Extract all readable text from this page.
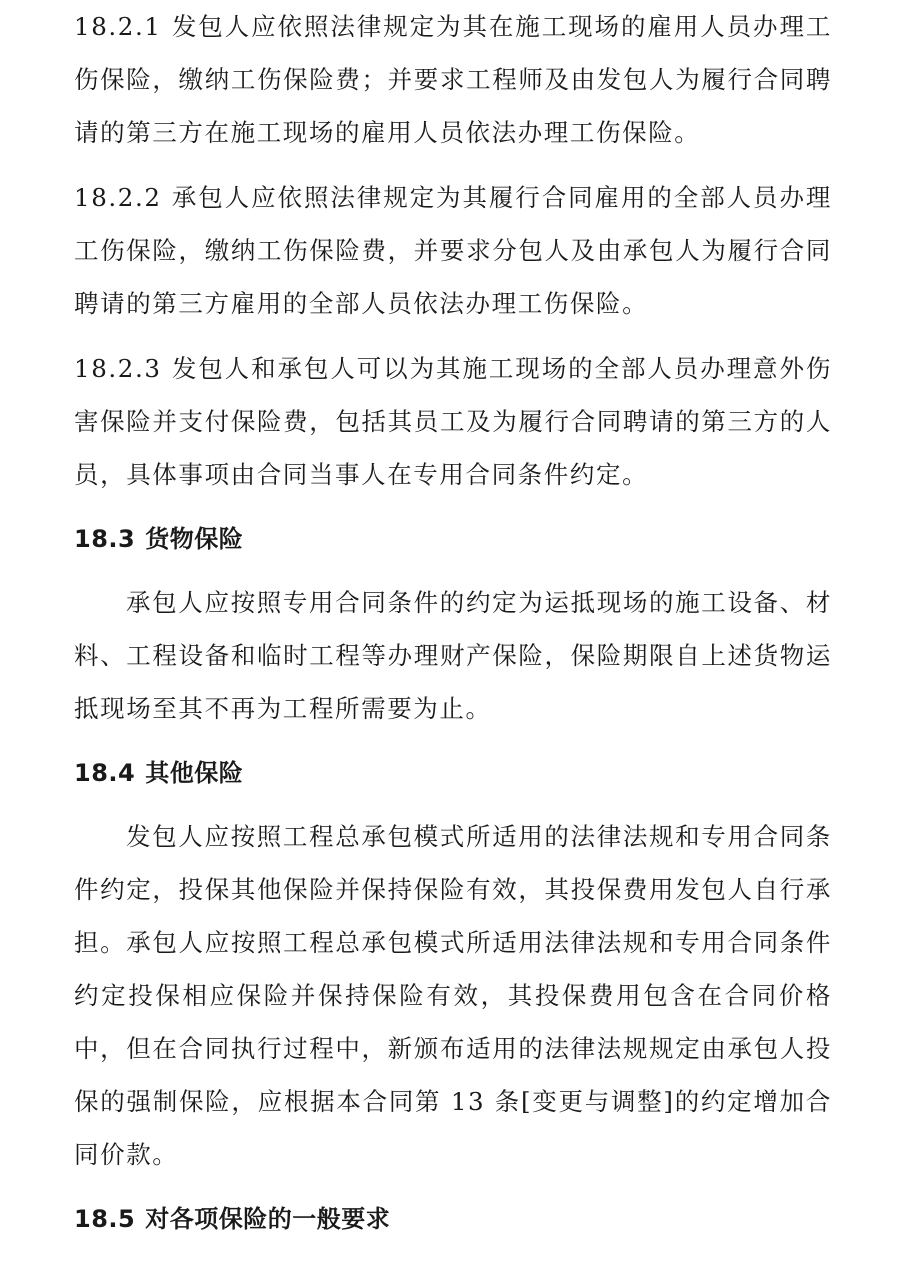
18.2.1 发包人应依照法律规定为其在施工现场的雇用人员办理工伤保险，缴纳工伤保险费；并要求工程师及由发包人为履行合同聘请的第三方在施工现场的雇用人员依法办理工伤保险。

18.2.2 承包人应依照法律规定为其履行合同雇用的全部人员办理工伤保险，缴纳工伤保险费，并要求分包人及由承包人为履行合同聘请的第三方雇用的全部人员依法办理工伤保险。

18.2.3 发包人和承包人可以为其施工现场的全部人员办理意外伤害保险并支付保险费，包括其员工及为履行合同聘请的第三方的人员，具体事项由合同当事人在专用合同条件约定。

18.3 货物保险

承包人应按照专用合同条件的约定为运抵现场的施工设备、材料、工程设备和临时工程等办理财产保险，保险期限自上述货物运抵现场至其不再为工程所需要为止。

18.4 其他保险

发包人应按照工程总承包模式所适用的法律法规和专用合同条件约定，投保其他保险并保持保险有效，其投保费用发包人自行承担。承包人应按照工程总承包模式所适用法律法规和专用合同条件约定投保相应保险并保持保险有效，其投保费用包含在合同价格中，但在合同执行过程中，新颁布适用的法律法规规定由承包人投保的强制保险，应根据本合同第 13 条[变更与调整]的约定增加合同价款。

18.5 对各项保险的一般要求
